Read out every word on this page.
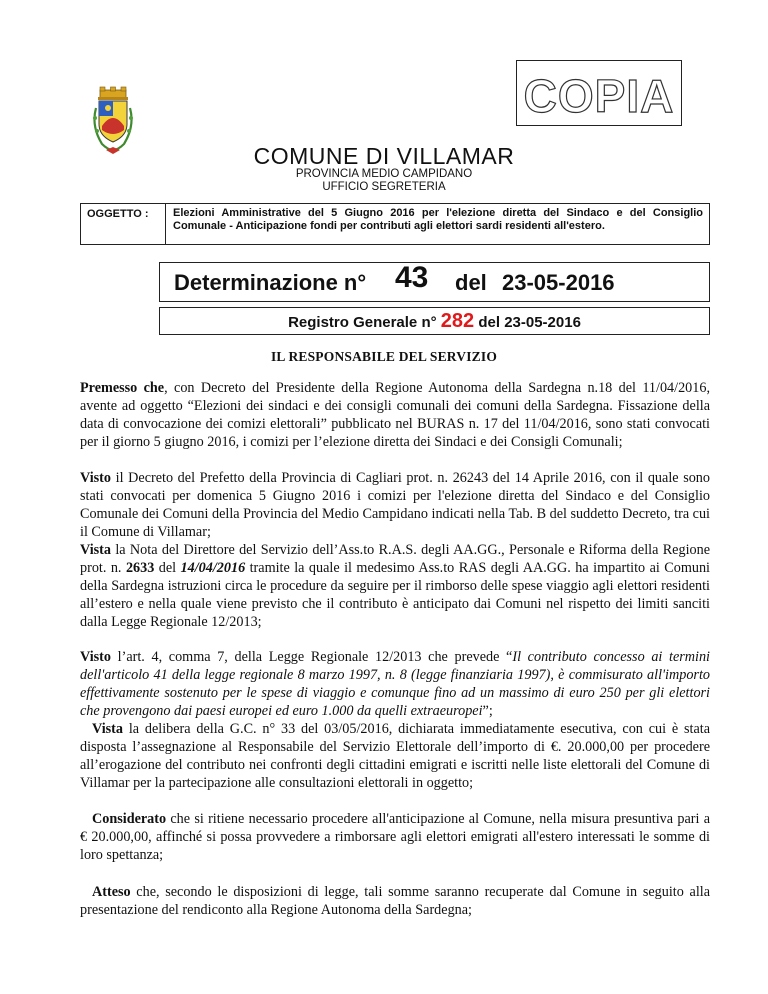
COPIA
COMUNE DI VILLAMAR
PROVINCIA MEDIO CAMPIDANO
UFFICIO SEGRETERIA
OGGETTO : Elezioni Amministrative del 5 Giugno 2016 per l'elezione diretta del Sindaco e del Consiglio Comunale - Anticipazione fondi per contributi agli elettori sardi residenti all'estero.
Determinazione n° 43 del 23-05-2016
Registro Generale n° 282 del 23-05-2016
IL RESPONSABILE DEL SERVIZIO
Premesso che, con Decreto del Presidente della Regione Autonoma della Sardegna n.18 del 11/04/2016, avente ad oggetto “Elezioni dei sindaci e dei consigli comunali dei comuni della Sardegna. Fissazione della data di convocazione dei comizi elettorali” pubblicato nel BURAS n. 17 del 11/04/2016, sono stati convocati per il giorno 5 giugno 2016, i comizi per l’elezione diretta dei Sindaci e dei Consigli Comunali;
Visto il Decreto del Prefetto della Provincia di Cagliari prot. n. 26243 del 14 Aprile 2016, con il quale sono stati convocati per domenica 5 Giugno 2016 i comizi per l'elezione diretta del Sindaco e del Consiglio Comunale dei Comuni della Provincia del Medio Campidano indicati nella Tab. B del suddetto Decreto, tra cui il Comune di Villamar;
Vista la Nota del Direttore del Servizio dell’Ass.to R.A.S. degli AA.GG., Personale e Riforma della Regione prot. n. 2633 del 14/04/2016 tramite la quale il medesimo Ass.to RAS degli AA.GG. ha impartito ai Comuni della Sardegna istruzioni circa le procedure da seguire per il rimborso delle spese viaggio agli elettori residenti all’estero e nella quale viene previsto che il contributo è anticipato dai Comuni nel rispetto dei limiti sanciti dalla Legge Regionale 12/2013;
Visto l’art. 4, comma 7, della Legge Regionale 12/2013 che prevede “Il contributo concesso ai termini dell'articolo 41 della legge regionale 8 marzo 1997, n. 8 (legge finanziaria 1997), è commisurato all'importo effettivamente sostenuto per le spese di viaggio e comunque fino ad un massimo di euro 250 per gli elettori che provengono dai paesi europei ed euro 1.000 da quelli extraeuropei”;
Vista la delibera della G.C. n° 33 del 03/05/2016, dichiarata immediatamente esecutiva, con cui è stata disposta l’assegnazione al Responsabile del Servizio Elettorale dell’importo di €. 20.000,00 per procedere all’erogazione del contributo nei confronti degli cittadini emigrati e iscritti nelle liste elettorali del Comune di Villamar per la partecipazione alle consultazioni elettorali in oggetto;
Considerato che si ritiene necessario procedere all'anticipazione al Comune, nella misura presuntiva pari a € 20.000,00, affinché si possa provvedere a rimborsare agli elettori emigrati all'estero interessati le somme di loro spettanza;
Atteso che, secondo le disposizioni di legge, tali somme saranno recuperate dal Comune in seguito alla presentazione del rendiconto alla Regione Autonoma della Sardegna;
